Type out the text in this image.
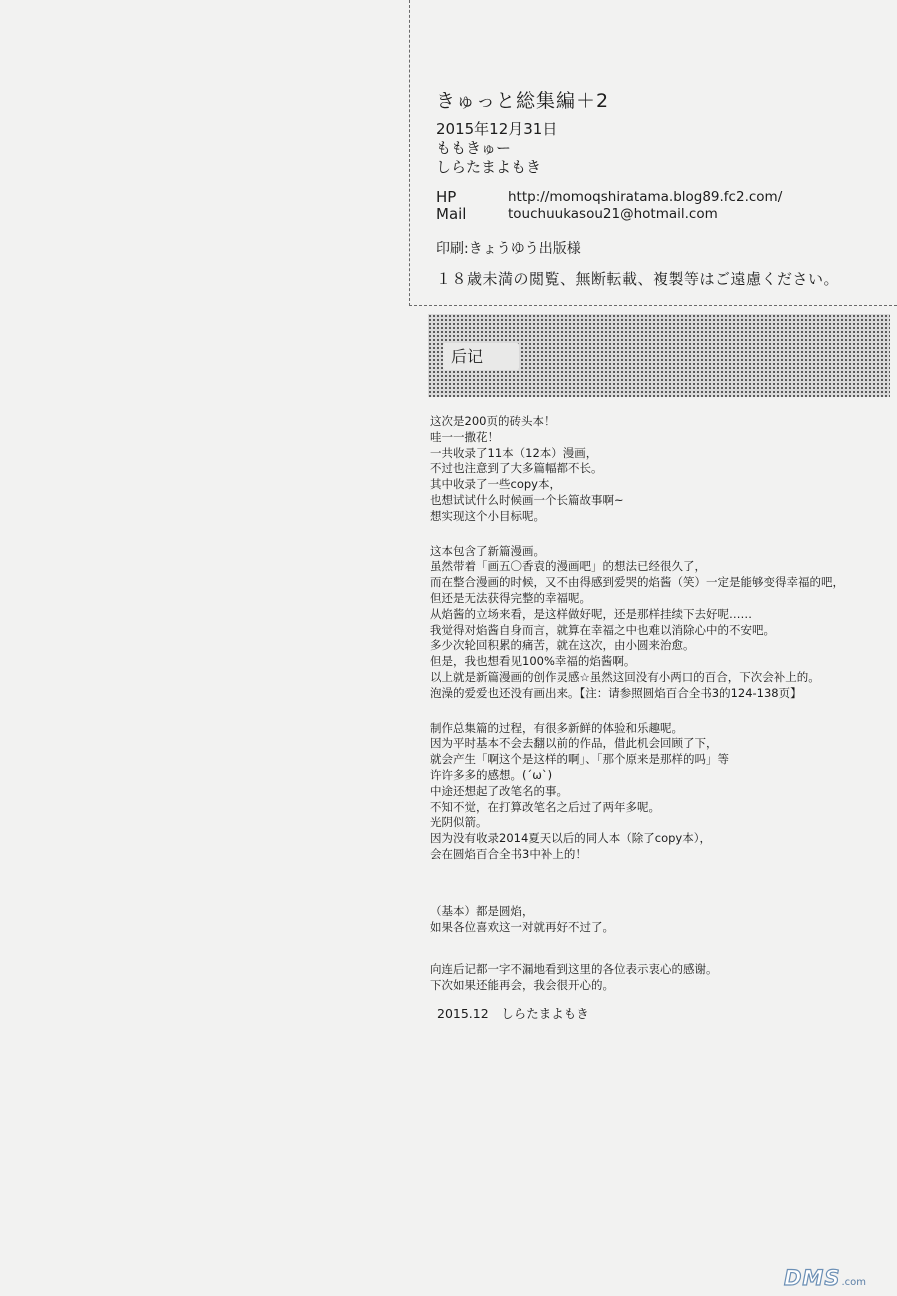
きゅっと総集編＋2
2015年12月31日
ももきゅー
しらたまよもき
HP	http://momoqshiratama.blog89.fc2.com/
Mail	touchuukasou21@hotmail.com
印刷:きょうゆう出版様
１８歳未満の閲覧、無断転載、複製等はご遠慮ください。
后记
这次是200页的砖头本！
哇一一撒花！
一共收录了11本（12本）漫画，
不过也注意到了大多篇幅都不长。
其中收录了一些copy本，
也想试试什么时候画一个长篇故事啊~
想实现这个小目标呢。
这本包含了新篇漫画。
虽然带着「画五〇香袁的漫画吧」的想法已经很久了，
而在整合漫画的时候，又不由得感到爱哭的焰酱（笑）一定是能够变得幸福的吧，
但还是无法获得完整的幸福呢。
从焰酱的立场来看，是这样做好呢，还是那样挂续下去好呢……
我觉得对焰酱自身而言，就算在幸福之中也难以消除心中的不安吧。
多少次轮回积累的痛苦，就在这次，由小圆来治愈。
但是，我也想看见100%幸福的焰酱啊。
以上就是新篇漫画的创作灵感☆虽然这回没有小两口的百合，下次会补上的。
泡澡的爱爱也还没有画出来。【注：请参照圆焰百合全书3的124-138页】
制作总集篇的过程，有很多新鲜的体验和乐趣呢。
因为平时基本不会去翻以前的作品，借此机会回顾了下，
就会产生「啊这个是这样的啊」、「那个原来是那样的吗」等
许许多多的感想。(´ω`)
中途还想起了改笔名的事。
不知不觉，在打算改笔名之后过了两年多呢。
光阴似箭。
因为没有收录2014夏天以后的同人本（除了copy本），
会在圆焰百合全书3中补上的！
（基本）都是圆焰，
如果各位喜欢这一对就再好不过了。
向连后记都一字不漏地看到这里的各位表示衷心的感谢。
下次如果还能再会，我会很开心的。
2015.12　しらたまよもき
DMS .com
